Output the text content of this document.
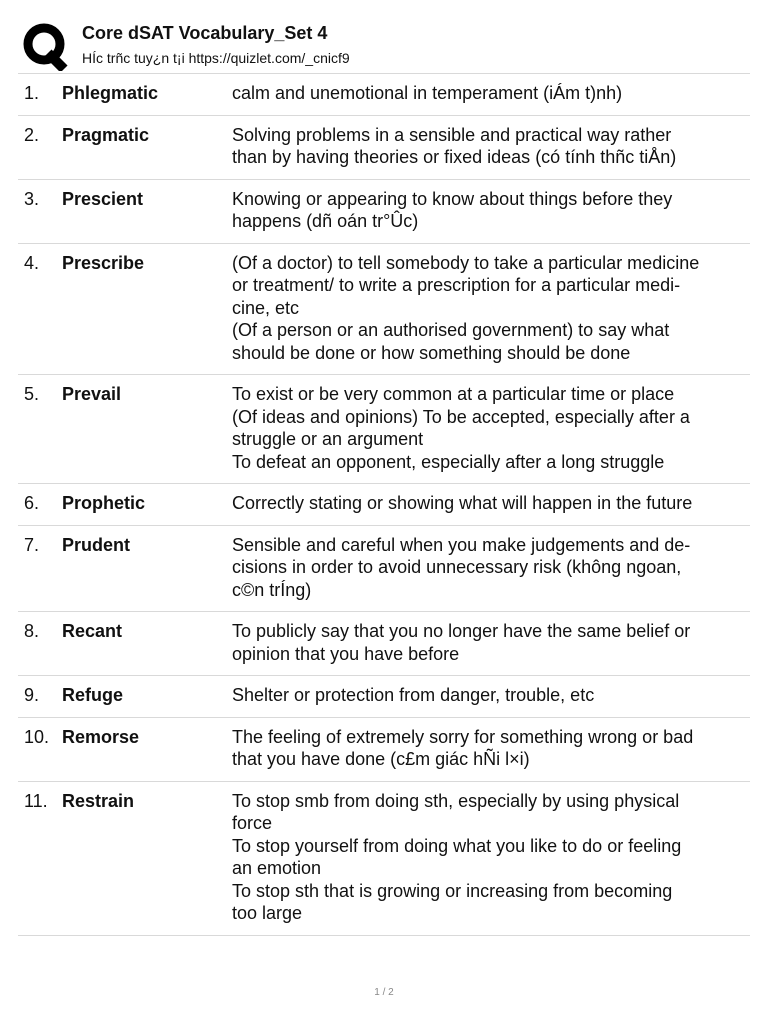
Core dSAT Vocabulary_Set 4
HÍc trñc tuy¿n t¡i https://quizlet.com/_cnicf9
1.	Phlegmatic	calm and unemotional in temperament (iÁm t)nh)
2.	Pragmatic	Solving problems in a sensible and practical way rather
than by having theories or fixed ideas (có tính thñc tiÅn)
3.	Prescient	Knowing or appearing to know about things before they
happens (dñ oán tr°Ûc)
4.	Prescribe	(Of a doctor) to tell somebody to take a particular medicine
or treatment/ to write a prescription for a particular medi-
cine, etc
(Of a person or an authorised government) to say what
should be done or how something should be done
5.	Prevail	To exist or be very common at a particular time or place
(Of ideas and opinions) To be accepted, especially after a
struggle or an argument
To defeat an opponent, especially after a long struggle
6.	Prophetic	Correctly stating or showing what will happen in the future
7.	Prudent	Sensible and careful when you make judgements and de-
cisions in order to avoid unnecessary risk (không ngoan,
c©n trÍng)
8.	Recant	To publicly say that you no longer have the same belief or
opinion that you have before
9.	Refuge	Shelter or protection from danger, trouble, etc
10. Remorse	The feeling of extremely sorry for something wrong or bad
that you have done (c£m giác hÑi l×i)
11. Restrain	To stop smb from doing sth, especially by using physical
force
To stop yourself from doing what you like to do or feeling
an emotion
To stop sth that is growing or increasing from becoming
too large
1 / 2
